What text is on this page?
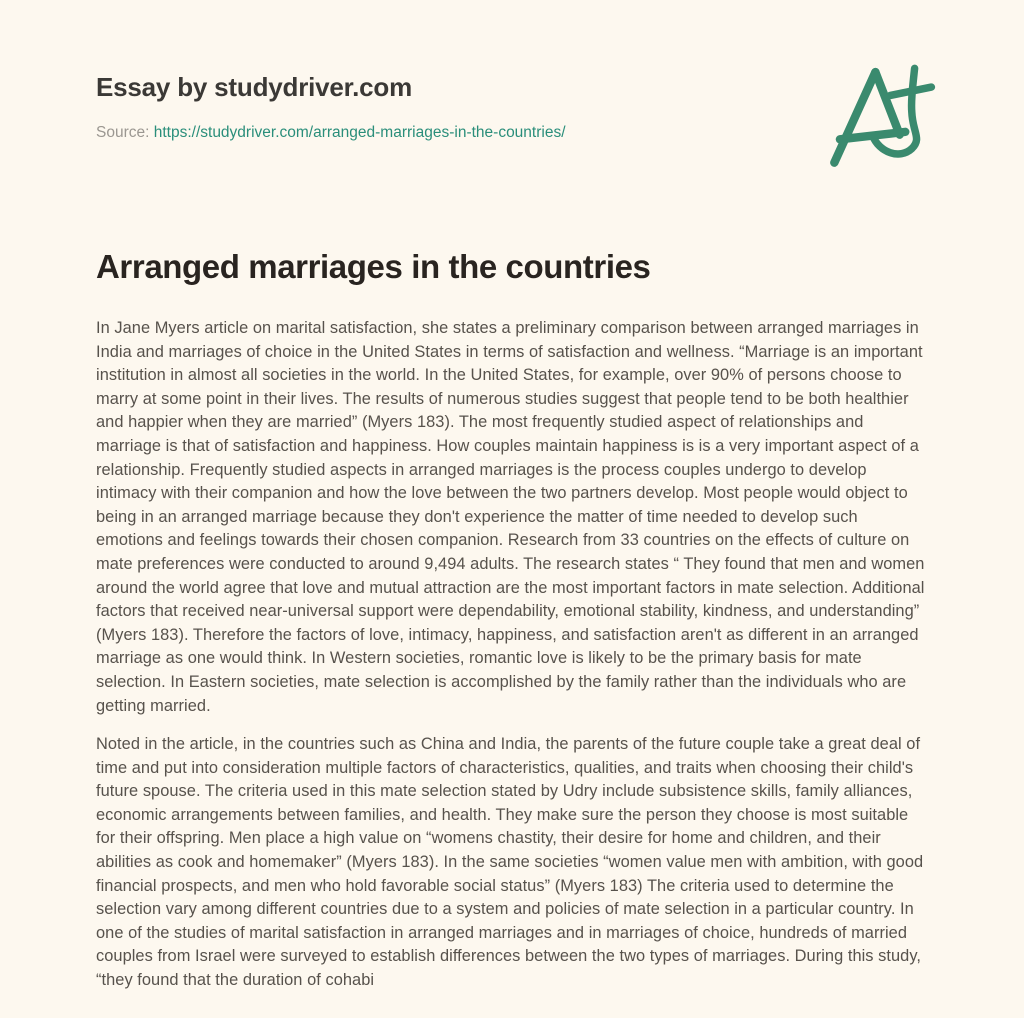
Essay by studydriver.com
Source: https://studydriver.com/arranged-marriages-in-the-countries/
Arranged marriages in the countries

In Jane Myers article on marital satisfaction, she states a preliminary comparison between arranged marriages in India and marriages of choice in the United States in terms of satisfaction and wellness. “Marriage is an important institution in almost all societies in the world. In the United States, for example, over 90% of persons choose to marry at some point in their lives. The results of numerous studies suggest that people tend to be both healthier and happier when they are married” (Myers 183). The most frequently studied aspect of relationships and marriage is that of satisfaction and happiness. How couples maintain happiness is is a very important aspect of a relationship. Frequently studied aspects in arranged marriages is the process couples undergo to develop intimacy with their companion and how the love between the two partners develop. Most people would object to being in an arranged marriage because they don't experience the matter of time needed to develop such emotions and feelings towards their chosen companion. Research from 33 countries on the effects of culture on mate preferences were conducted to around 9,494 adults. The research states “ They found that men and women around the world agree that love and mutual attraction are the most important factors in mate selection. Additional factors that received near-universal support were dependability, emotional stability, kindness, and understanding” (Myers 183). Therefore the factors of love, intimacy, happiness, and satisfaction aren't as different in an arranged marriage as one would think. In Western societies, romantic love is likely to be the primary basis for mate selection. In Eastern societies, mate selection is accomplished by the family rather than the individuals who are getting married.

Noted in the article, in the countries such as China and India, the parents of the future couple take a great deal of time and put into consideration multiple factors of characteristics, qualities, and traits when choosing their child's future spouse. The criteria used in this mate selection stated by Udry include subsistence skills, family alliances, economic arrangements between families, and health. They make sure the person they choose is most suitable for their offspring. Men place a high value on “womens chastity, their desire for home and children, and their abilities as cook and homemaker” (Myers 183). In the same societies “women value men with ambition, with good financial prospects, and men who hold favorable social status” (Myers 183) The criteria used to determine the selection vary among different countries due to a system and policies of mate selection in a particular country. In one of the studies of marital satisfaction in arranged marriages and in marriages of choice, hundreds of married couples from Israel were surveyed to establish differences between the two types of marriages. During this study, “they found that the duration of cohabi
